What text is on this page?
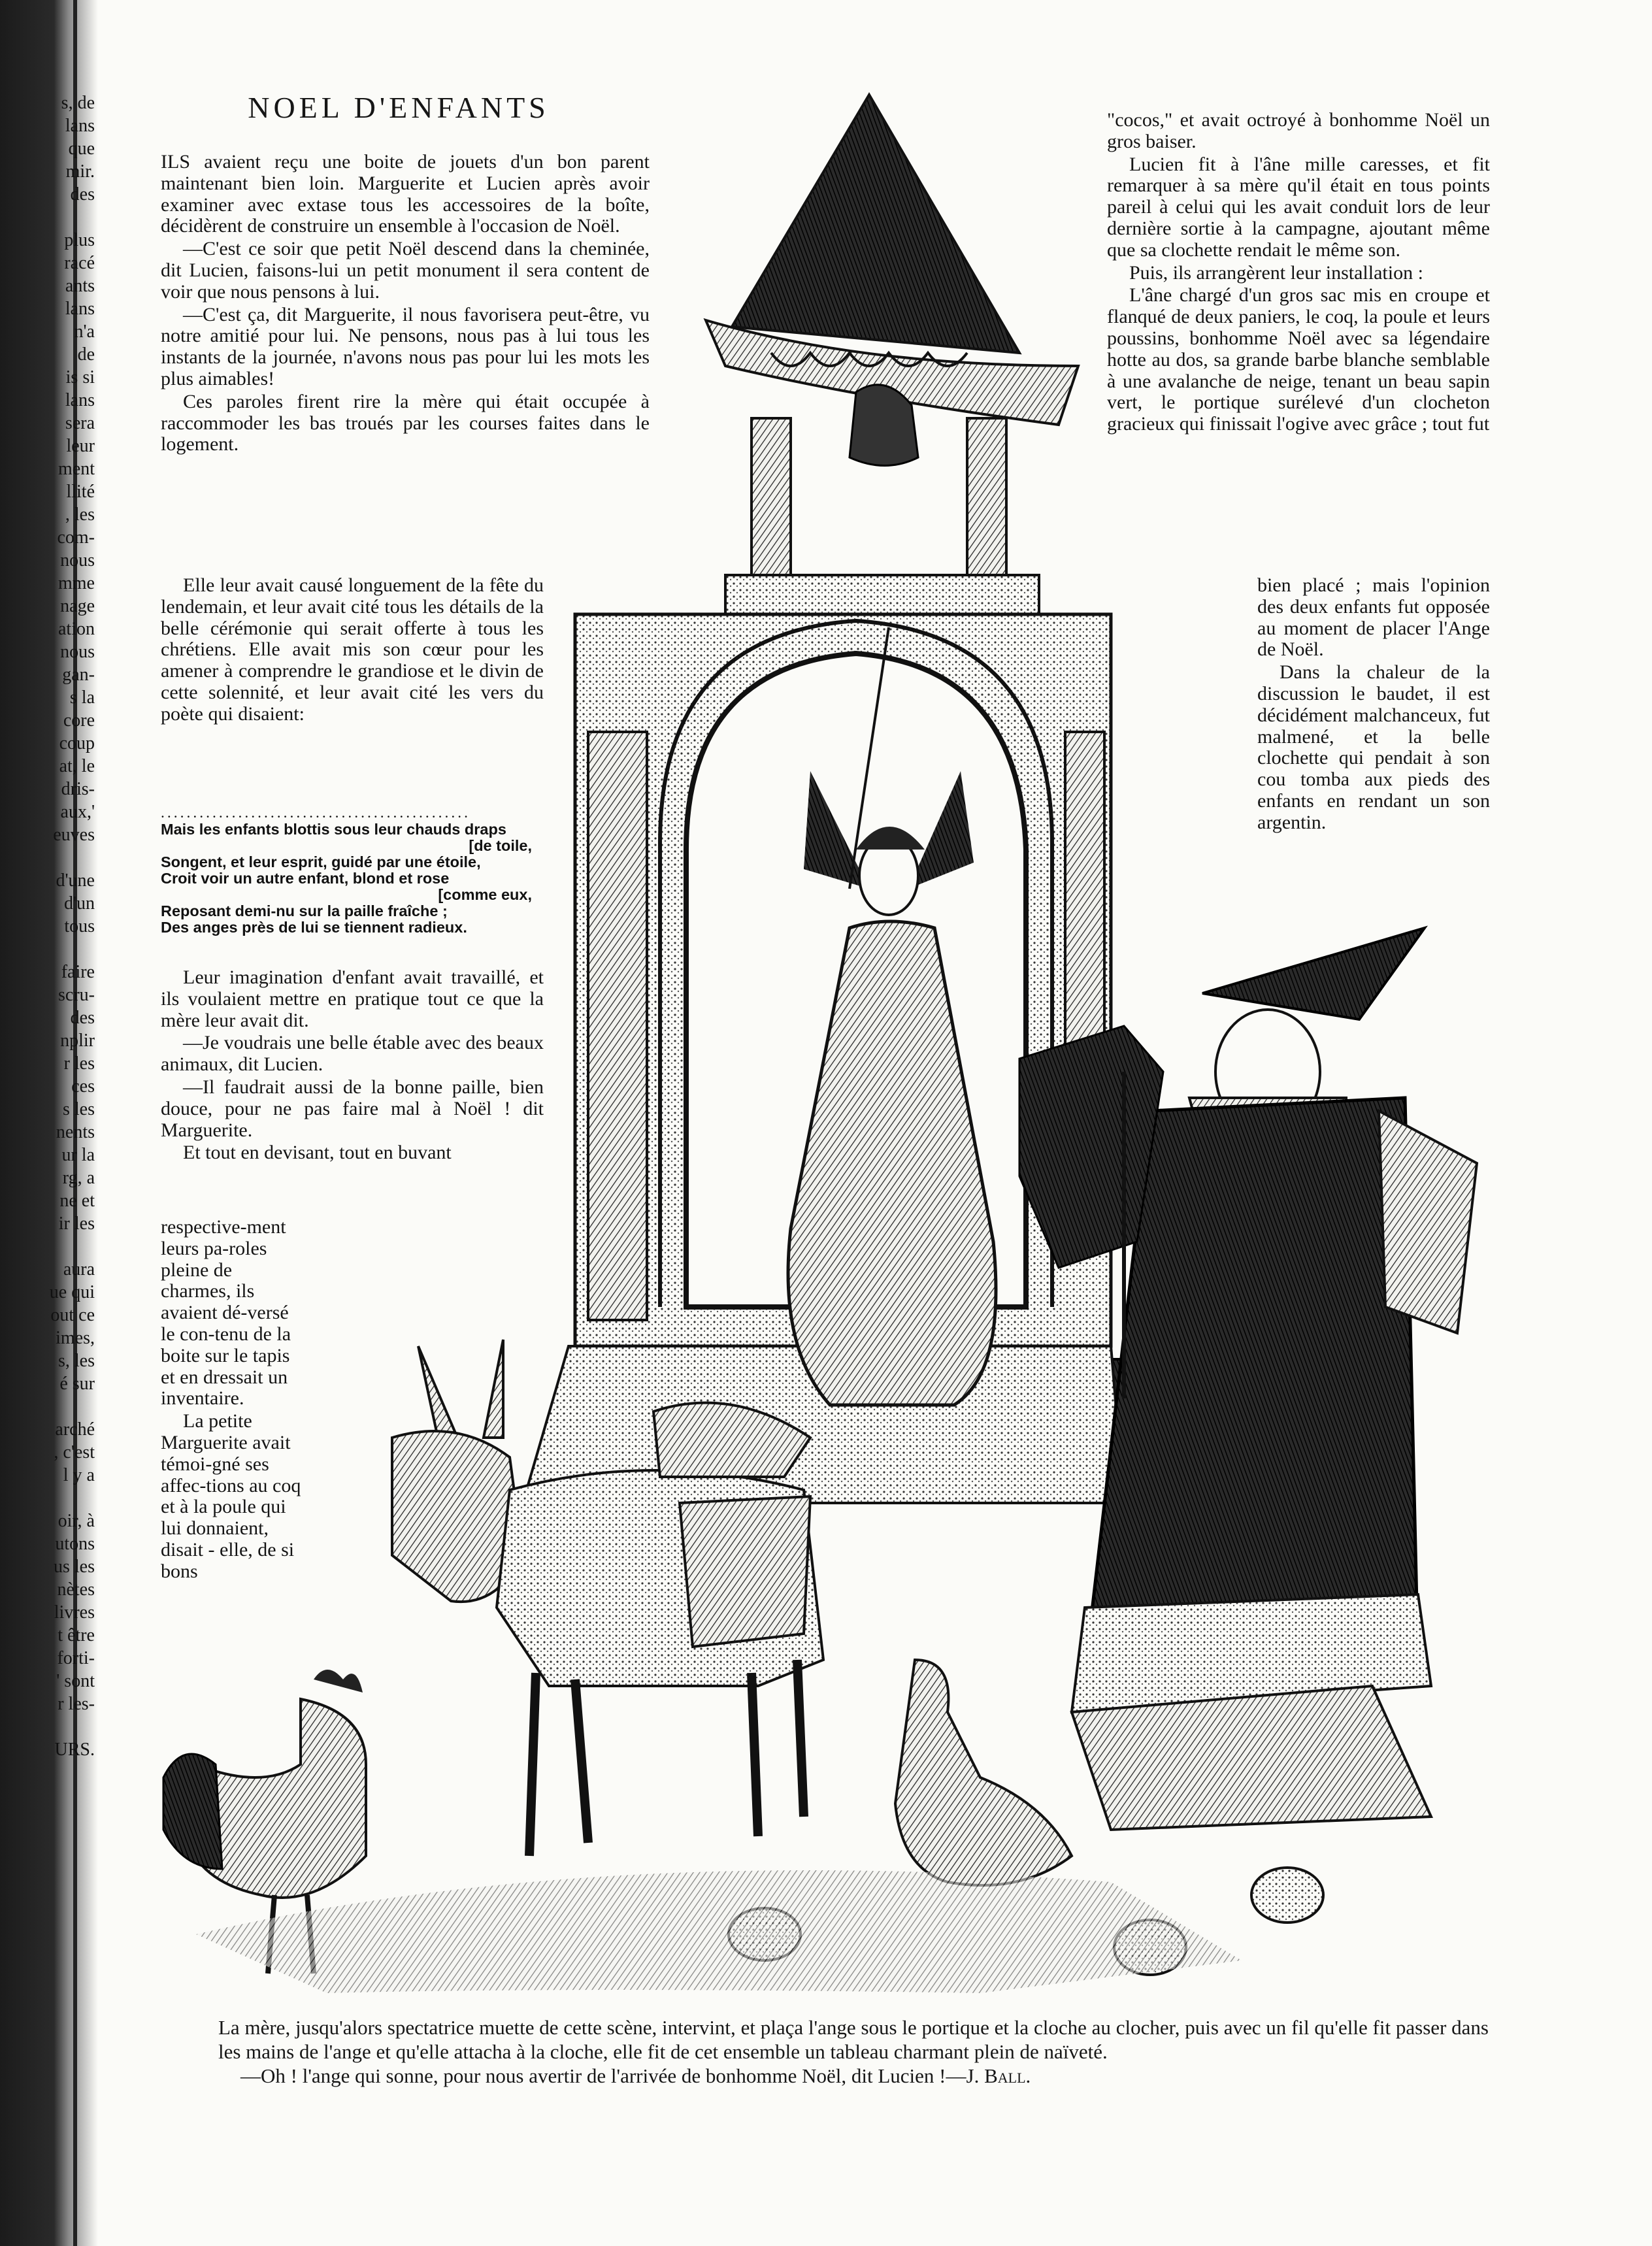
s, de
lans
que
mir.
des
plus
racé
ants
lans
n'a
de
is si
lans
sera
leur
ment
llité
, les
com-
nous
mme
nage
ation
nous
gan-
s la
core
coup
at, le
dris-
aux,'
euves
d'une
d'un
tous
faire
scru-
des
nplir
r les
ces
s les
nents
ur la
rg, a
ne et
ir les
aura
ue qui
out ce
imes,
s, les
é sur
arché
, c'est
l y a
oir, à
utons
us les
nètes
livres
t être
forti-
' sont
r les-
URS.
NOEL D'ENFANTS

ILS avaient reçu une boite de jouets d'un bon parent maintenant bien loin. Marguerite et Lucien après avoir examiner avec extase tous les accessoires de la boîte, décidèrent de construire un ensemble à l'occasion de Noël.

—C'est ce soir que petit Noël descend dans la cheminée, dit Lucien, faisons-lui un petit monument il sera content de voir que nous pensons à lui.

—C'est ça, dit Marguerite, il nous favorisera peut-être, vu notre amitié pour lui. Ne pensons, nous pas à lui tous les instants de la journée, n'avons nous pas pour lui les mots les plus aimables!

Ces paroles firent rire la mère qui était occupée à raccommoder les bas troués par les courses faites dans le logement.

Elle leur avait causé longuement de la fête du lendemain, et leur avait cité tous les détails de la belle cérémonie qui serait offerte à tous les chrétiens. Elle avait mis son cœur pour les amener à comprendre le grandiose et le divin de cette solennité, et leur avait cité les vers du poète qui disaient:

................................................
Mais les enfants blottis sous leur chauds draps
[de toile,
Songent, et leur esprit, guidé par une étoile,
Croit voir un autre enfant, blond et rose
[comme eux,
Reposant demi-nu sur la paille fraîche ;
Des anges près de lui se tiennent radieux.

Leur imagination d'enfant avait travaillé, et ils voulaient mettre en pratique tout ce que la mère leur avait dit.

—Je voudrais une belle étable avec des beaux animaux, dit Lucien.

—Il faudrait aussi de la bonne paille, bien douce, pour ne pas faire mal à Noël ! dit Marguerite.

Et tout en devisant, tout en buvant

respective-ment leurs pa-roles pleine de charmes, ils avaient dé-versé le con-tenu de la boite sur le tapis et en dressait un inventaire.

La petite Marguerite avait témoi-gné ses affec-tions au coq et à la poule qui lui donnaient, disait - elle, de si bons

"cocos," et avait octroyé à bonhomme Noël un gros baiser.

Lucien fit à l'âne mille caresses, et fit remarquer à sa mère qu'il était en tous points pareil à celui qui les avait conduit lors de leur dernière sortie à la campagne, ajoutant même que sa clochette rendait le même son.

Puis, ils arrangèrent leur installation :

L'âne chargé d'un gros sac mis en croupe et flanqué de deux paniers, le coq, la poule et leurs poussins, bonhomme Noël avec sa légendaire hotte au dos, sa grande barbe blanche semblable à une avalanche de neige, tenant un beau sapin vert, le portique surélevé d'un clocheton gracieux qui finissait l'ogive avec grâce ; tout fut

bien placé ; mais l'opinion des deux enfants fut opposée au moment de placer l'Ange de Noël.

Dans la chaleur de la discussion le baudet, il est décidément malchanceux, fut malmené, et la belle clochette qui pendait à son cou tomba aux pieds des enfants en rendant un son argentin.

La mère, jusqu'alors spectatrice muette de cette scène, intervint, et plaça l'ange sous le portique et la cloche au clocher, puis avec un fil qu'elle fit passer dans les mains de l'ange et qu'elle attacha à la cloche, elle fit de cet ensemble un tableau charmant plein de naïveté.

—Oh ! l'ange qui sonne, pour nous avertir de l'arrivée de bonhomme Noël, dit Lucien !—J. Ball.
